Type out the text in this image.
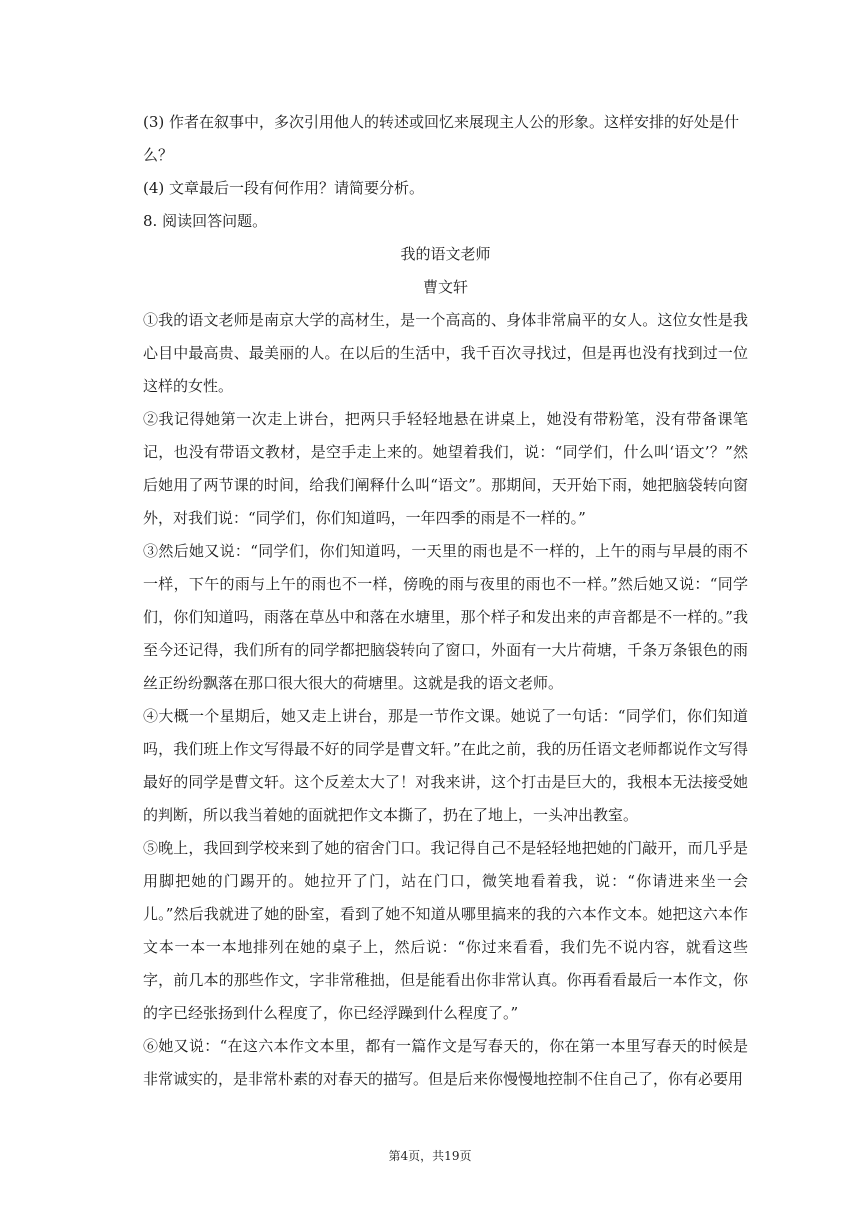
(3) 作者在叙事中，多次引用他人的转述或回忆来展现主人公的形象。这样安排的好处是什

么？

(4) 文章最后一段有何作用？请简要分析。

8. 阅读回答问题。

我的语文老师

曹文轩

①我的语文老师是南京大学的高材生，是一个高高的、身体非常扁平的女人。这位女性是我心目中最高贵、最美丽的人。在以后的生活中，我千百次寻找过，但是再也没有找到过一位这样的女性。

②我记得她第一次走上讲台，把两只手轻轻地悬在讲桌上，她没有带粉笔，没有带备课笔记，也没有带语文教材，是空手走上来的。她望着我们，说：“同学们，什么叫‘语文’？”然后她用了两节课的时间，给我们阐释什么叫“语文”。那期间，天开始下雨，她把脑袋转向窗外，对我们说：“同学们，你们知道吗，一年四季的雨是不一样的。”

③然后她又说：“同学们，你们知道吗，一天里的雨也是不一样的，上午的雨与早晨的雨不一样，下午的雨与上午的雨也不一样，傍晚的雨与夜里的雨也不一样。”然后她又说：“同学们，你们知道吗，雨落在草丛中和落在水塘里，那个样子和发出来的声音都是不一样的。”我至今还记得，我们所有的同学都把脑袋转向了窗口，外面有一大片荷塘，千条万条银色的雨丝正纷纷飘落在那口很大很大的荷塘里。这就是我的语文老师。

④大概一个星期后，她又走上讲台，那是一节作文课。她说了一句话：“同学们，你们知道吗，我们班上作文写得最不好的同学是曹文轩。”在此之前，我的历任语文老师都说作文写得最好的同学是曹文轩。这个反差太大了！对我来讲，这个打击是巨大的，我根本无法接受她的判断，所以我当着她的面就把作文本撕了，扔在了地上，一头冲出教室。

⑤晚上，我回到学校来到了她的宿舍门口。我记得自己不是轻轻地把她的门敲开，而几乎是用脚把她的门踢开的。她拉开了门，站在门口，微笑地看着我，说：“你请进来坐一会儿。”然后我就进了她的卧室，看到了她不知道从哪里搞来的我的六本作文本。她把这六本作文本一本一本地排列在她的桌子上，然后说：“你过来看看，我们先不说内容，就看这些字，前几本的那些作文，字非常稚拙，但是能看出你非常认真。你再看看最后一本作文，你的字已经张扬到什么程度了，你已经浮躁到什么程度了。”

⑥她又说：“在这六本作文本里，都有一篇作文是写春天的，你在第一本里写春天的时候是非常诚实的，是非常朴素的对春天的描写。但是后来你慢慢地控制不住自己了，你有必要用

第4页，共19页
